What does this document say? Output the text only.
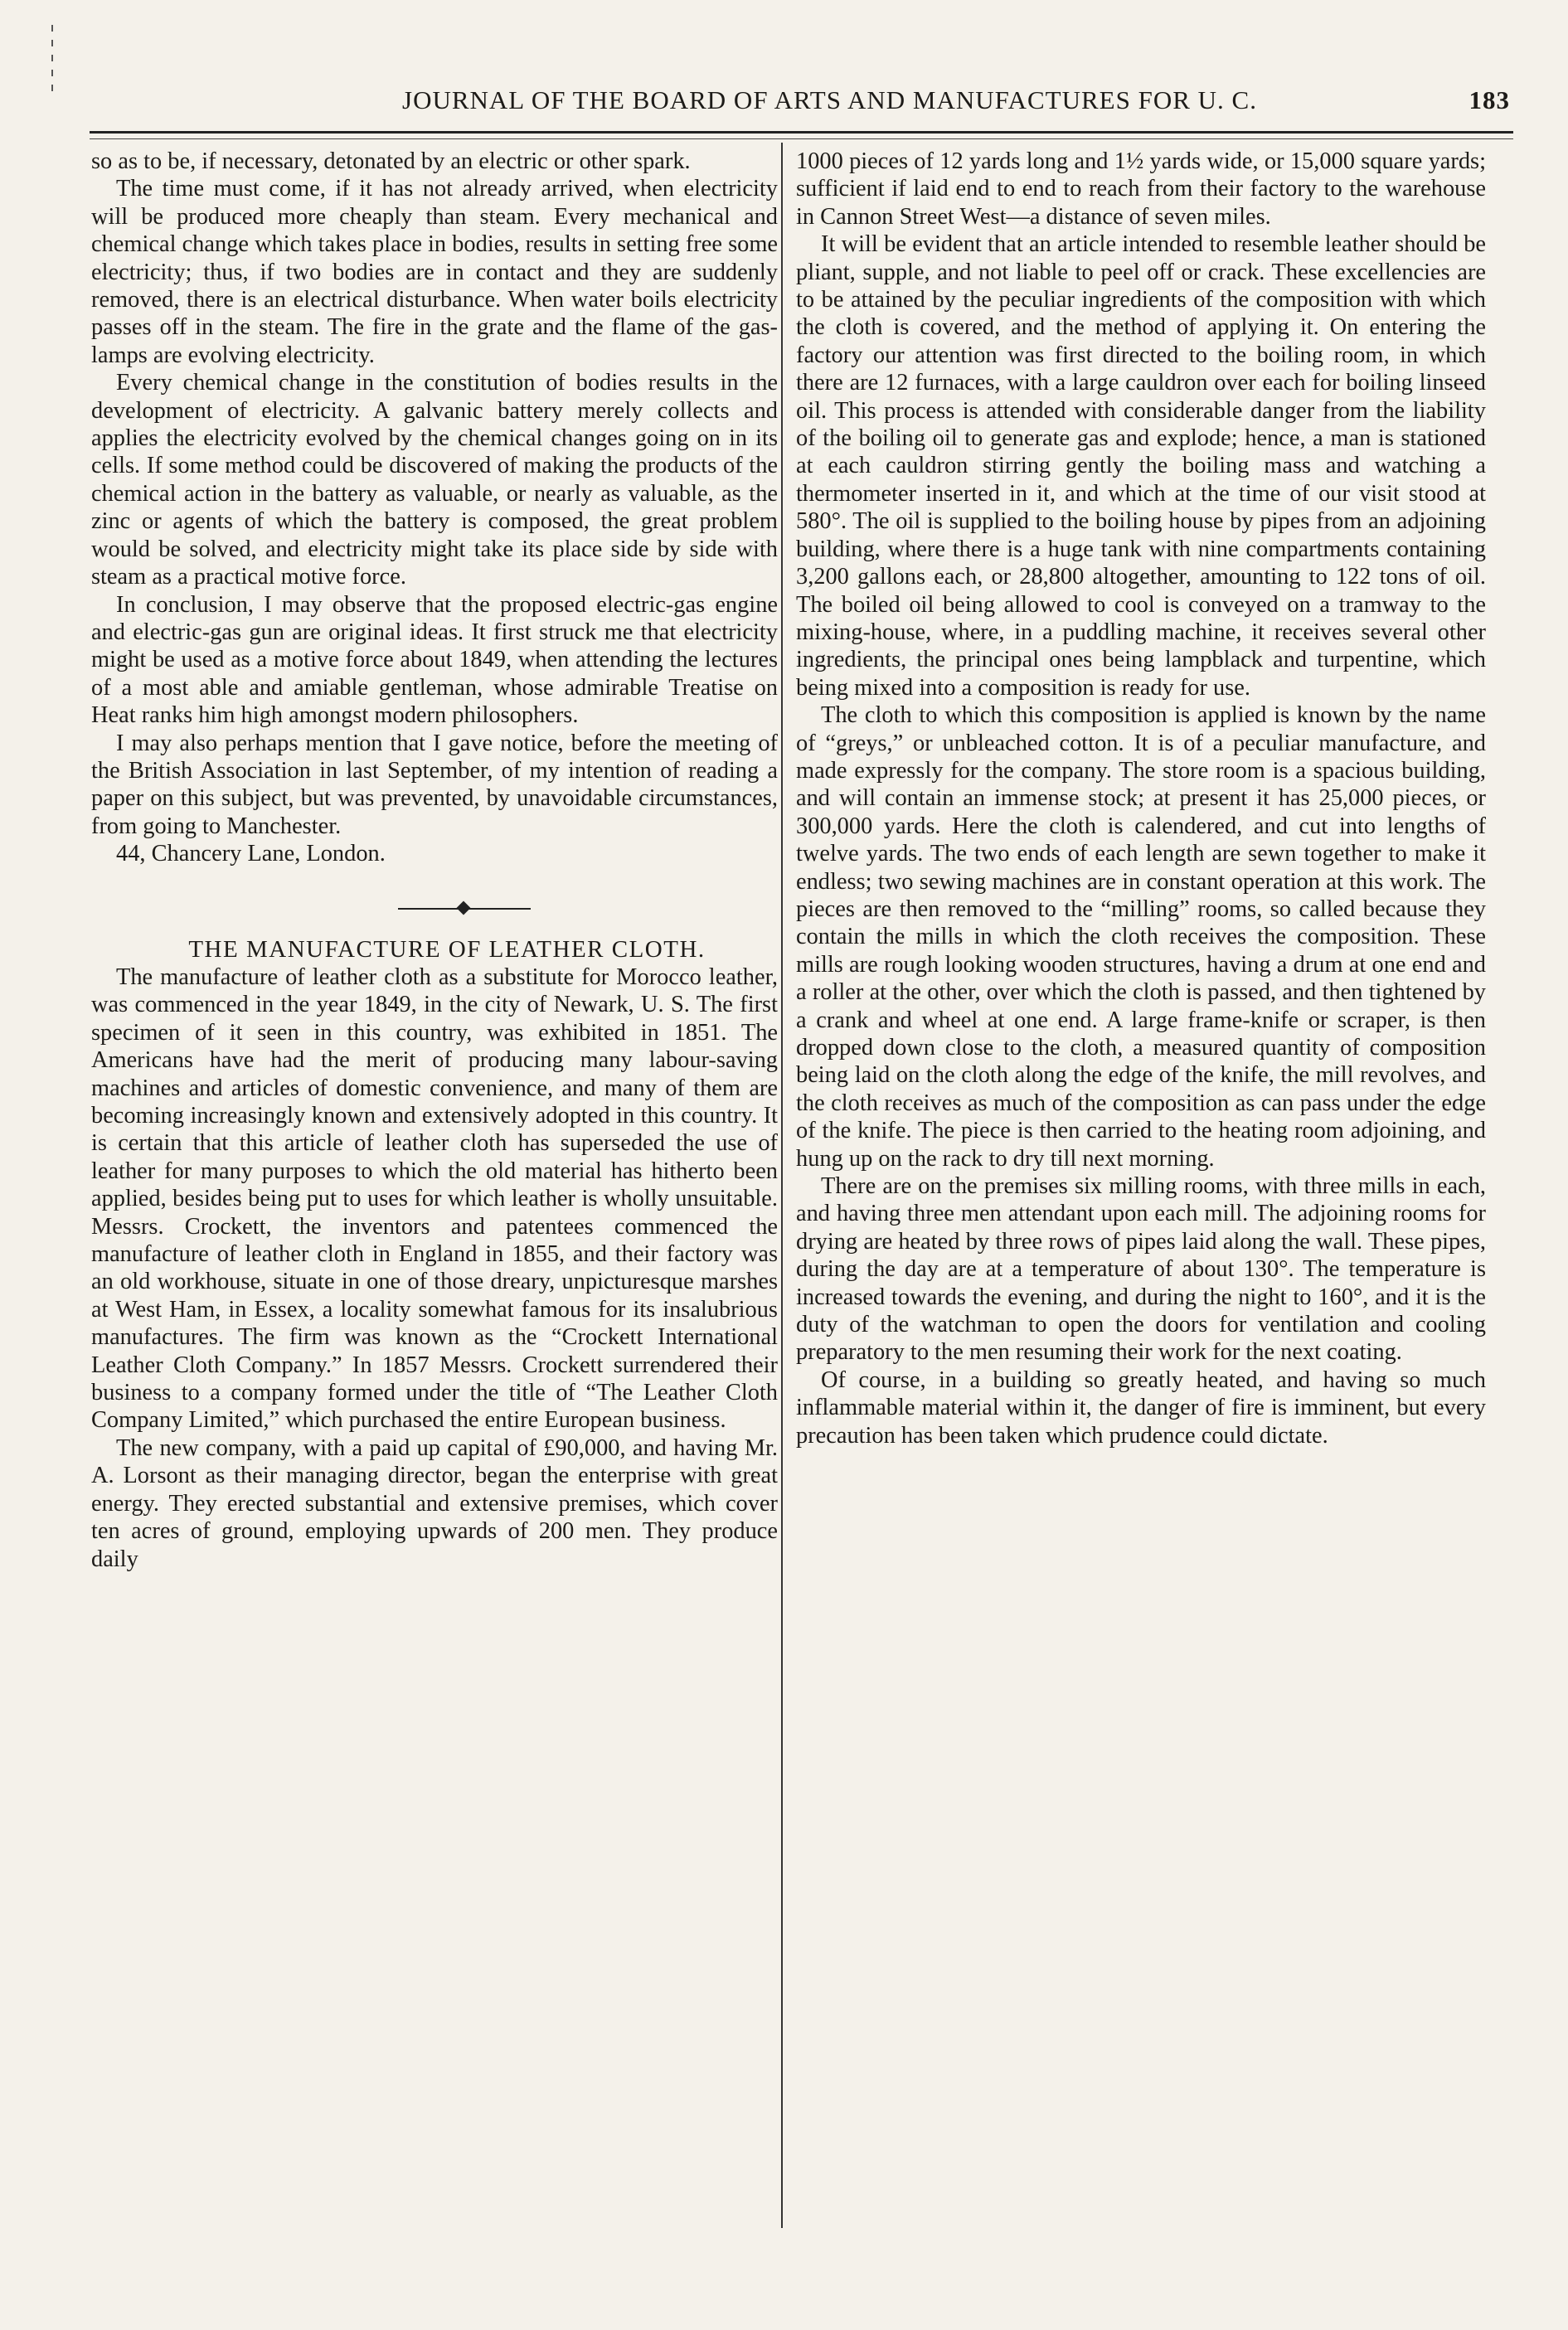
JOURNAL OF THE BOARD OF ARTS AND MANUFACTURES FOR U. C.	183

so as to be, if necessary, detonated by an electric or other spark.

The time must come, if it has not already arrived, when electricity will be produced more cheaply than steam. Every mechanical and chemical change which takes place in bodies, results in setting free some electricity; thus, if two bodies are in contact and they are suddenly removed, there is an electrical disturbance. When water boils electricity passes off in the steam. The fire in the grate and the flame of the gas-lamps are evolving electricity.

Every chemical change in the constitution of bodies results in the development of electricity. A galvanic battery merely collects and applies the electricity evolved by the chemical changes going on in its cells. If some method could be discovered of making the products of the chemical action in the battery as valuable, or nearly as valuable, as the zinc or agents of which the battery is composed, the great problem would be solved, and electricity might take its place side by side with steam as a practical motive force.

In conclusion, I may observe that the proposed electric-gas engine and electric-gas gun are original ideas. It first struck me that electricity might be used as a motive force about 1849, when attending the lectures of a most able and amiable gentleman, whose admirable Treatise on Heat ranks him high amongst modern philosophers.

I may also perhaps mention that I gave notice, before the meeting of the British Association in last September, of my intention of reading a paper on this subject, but was prevented, by unavoidable circumstances, from going to Manchester.

44, Chancery Lane, London.

THE MANUFACTURE OF LEATHER CLOTH.

The manufacture of leather cloth as a substitute for Morocco leather, was commenced in the year 1849, in the city of Newark, U. S. The first specimen of it seen in this country, was exhibited in 1851. The Americans have had the merit of producing many labour-saving machines and articles of domestic convenience, and many of them are becoming increasingly known and extensively adopted in this country. It is certain that this article of leather cloth has superseded the use of leather for many purposes to which the old material has hitherto been applied, besides being put to uses for which leather is wholly unsuitable. Messrs. Crockett, the inventors and patentees commenced the manufacture of leather cloth in England in 1855, and their factory was an old workhouse, situate in one of those dreary, unpicturesque marshes at West Ham, in Essex, a locality somewhat famous for its insalubrious manufactures. The firm was known as the “Crockett International Leather Cloth Company.” In 1857 Messrs. Crockett surrendered their business to a company formed under the title of “The Leather Cloth Company Limited,” which purchased the entire European business.

The new company, with a paid up capital of £90,000, and having Mr. A. Lorsont as their managing director, began the enterprise with great energy. They erected substantial and extensive premises, which cover ten acres of ground, employing upwards of 200 men. They produce daily

1000 pieces of 12 yards long and 1½ yards wide, or 15,000 square yards; sufficient if laid end to end to reach from their factory to the warehouse in Cannon Street West—a distance of seven miles.

It will be evident that an article intended to resemble leather should be pliant, supple, and not liable to peel off or crack. These excellencies are to be attained by the peculiar ingredients of the composition with which the cloth is covered, and the method of applying it. On entering the factory our attention was first directed to the boiling room, in which there are 12 furnaces, with a large cauldron over each for boiling linseed oil. This process is attended with considerable danger from the liability of the boiling oil to generate gas and explode; hence, a man is stationed at each cauldron stirring gently the boiling mass and watching a thermometer inserted in it, and which at the time of our visit stood at 580°. The oil is supplied to the boiling house by pipes from an adjoining building, where there is a huge tank with nine compartments containing 3,200 gallons each, or 28,800 altogether, amounting to 122 tons of oil. The boiled oil being allowed to cool is conveyed on a tramway to the mixing-house, where, in a puddling machine, it receives several other ingredients, the principal ones being lampblack and turpentine, which being mixed into a composition is ready for use.

The cloth to which this composition is applied is known by the name of “greys,” or unbleached cotton. It is of a peculiar manufacture, and made expressly for the company. The store room is a spacious building, and will contain an immense stock; at present it has 25,000 pieces, or 300,000 yards. Here the cloth is calendered, and cut into lengths of twelve yards. The two ends of each length are sewn together to make it endless; two sewing machines are in constant operation at this work. The pieces are then removed to the “milling” rooms, so called because they contain the mills in which the cloth receives the composition. These mills are rough looking wooden structures, having a drum at one end and a roller at the other, over which the cloth is passed, and then tightened by a crank and wheel at one end. A large frame-knife or scraper, is then dropped down close to the cloth, a measured quantity of composition being laid on the cloth along the edge of the knife, the mill revolves, and the cloth receives as much of the composition as can pass under the edge of the knife. The piece is then carried to the heating room adjoining, and hung up on the rack to dry till next morning.

There are on the premises six milling rooms, with three mills in each, and having three men attendant upon each mill. The adjoining rooms for drying are heated by three rows of pipes laid along the wall. These pipes, during the day are at a temperature of about 130°. The temperature is increased towards the evening, and during the night to 160°, and it is the duty of the watchman to open the doors for ventilation and cooling preparatory to the men resuming their work for the next coating.

Of course, in a building so greatly heated, and having so much inflammable material within it, the danger of fire is imminent, but every precaution has been taken which prudence could dictate.
